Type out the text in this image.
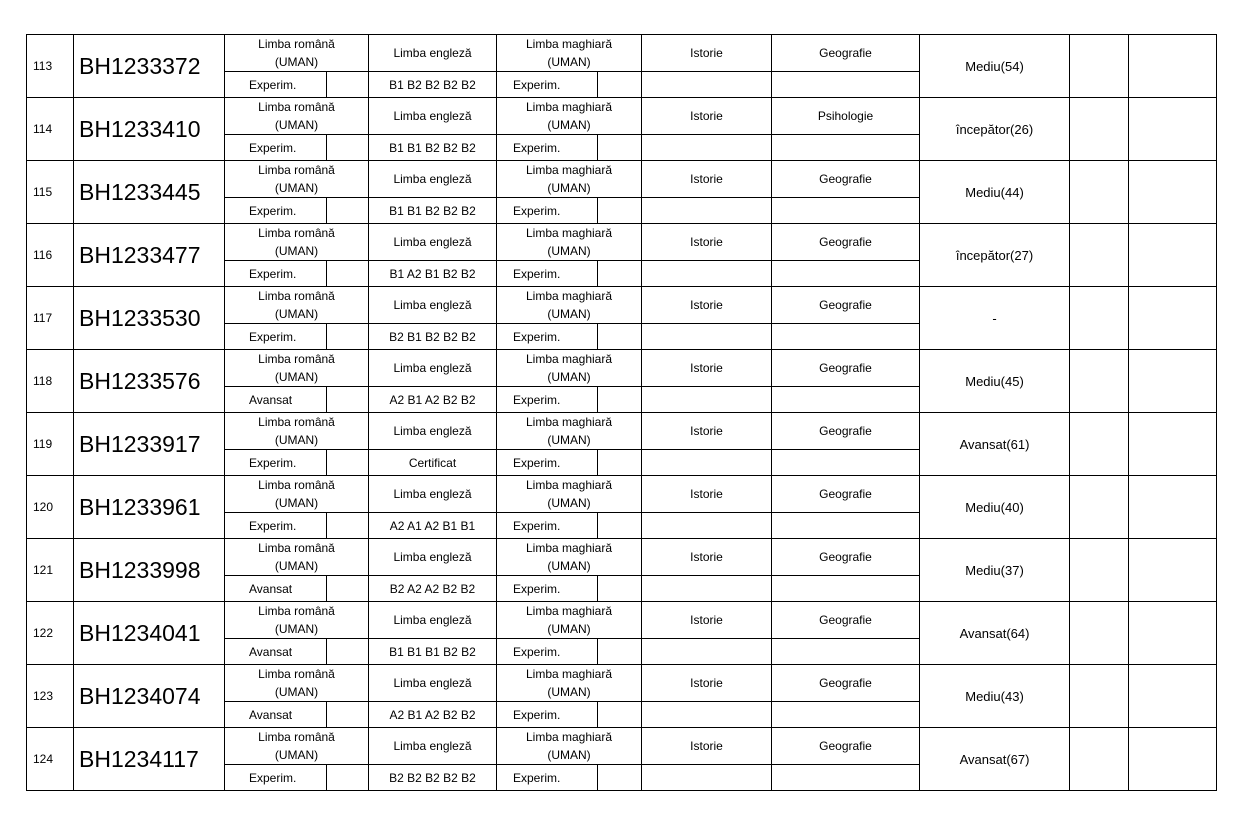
113	BH1233372	Limba română
(UMAN)		Limba engleză	Limba maghiară
(UMAN)		Istorie	Geografie	Mediu(54)		
		Experim.		B1 B2 B2 B2 B2	Experim.						
114	BH1233410	Limba română
(UMAN)		Limba engleză	Limba maghiară
(UMAN)		Istorie	Psihologie	începător(26)		
		Experim.		B1 B1 B2 B2 B2	Experim.						
115	BH1233445	Limba română
(UMAN)		Limba engleză	Limba maghiară
(UMAN)		Istorie	Geografie	Mediu(44)		
		Experim.		B1 B1 B2 B2 B2	Experim.						
116	BH1233477	Limba română
(UMAN)		Limba engleză	Limba maghiară
(UMAN)		Istorie	Geografie	începător(27)		
		Experim.		B1 A2 B1 B2 B2	Experim.						
117	BH1233530	Limba română
(UMAN)		Limba engleză	Limba maghiară
(UMAN)		Istorie	Geografie	-		
		Experim.		B2 B1 B2 B2 B2	Experim.						
118	BH1233576	Limba română
(UMAN)		Limba engleză	Limba maghiară
(UMAN)		Istorie	Geografie	Mediu(45)		
		Avansat		A2 B1 A2 B2 B2	Experim.						
119	BH1233917	Limba română
(UMAN)		Limba engleză	Limba maghiară
(UMAN)		Istorie	Geografie	Avansat(61)		
		Experim.		Certificat	Experim.						
120	BH1233961	Limba română
(UMAN)		Limba engleză	Limba maghiară
(UMAN)		Istorie	Geografie	Mediu(40)		
		Experim.		A2 A1 A2 B1 B1	Experim.						
121	BH1233998	Limba română
(UMAN)		Limba engleză	Limba maghiară
(UMAN)		Istorie	Geografie	Mediu(37)		
		Avansat		B2 A2 A2 B2 B2	Experim.						
122	BH1234041	Limba română
(UMAN)		Limba engleză	Limba maghiară
(UMAN)		Istorie	Geografie	Avansat(64)		
		Avansat		B1 B1 B1 B2 B2	Experim.						
123	BH1234074	Limba română
(UMAN)		Limba engleză	Limba maghiară
(UMAN)		Istorie	Geografie	Mediu(43)		
		Avansat		A2 B1 A2 B2 B2	Experim.						
124	BH1234117	Limba română
(UMAN)		Limba engleză	Limba maghiară
(UMAN)		Istorie	Geografie	Avansat(67)		
		Experim.		B2 B2 B2 B2 B2	Experim.						
